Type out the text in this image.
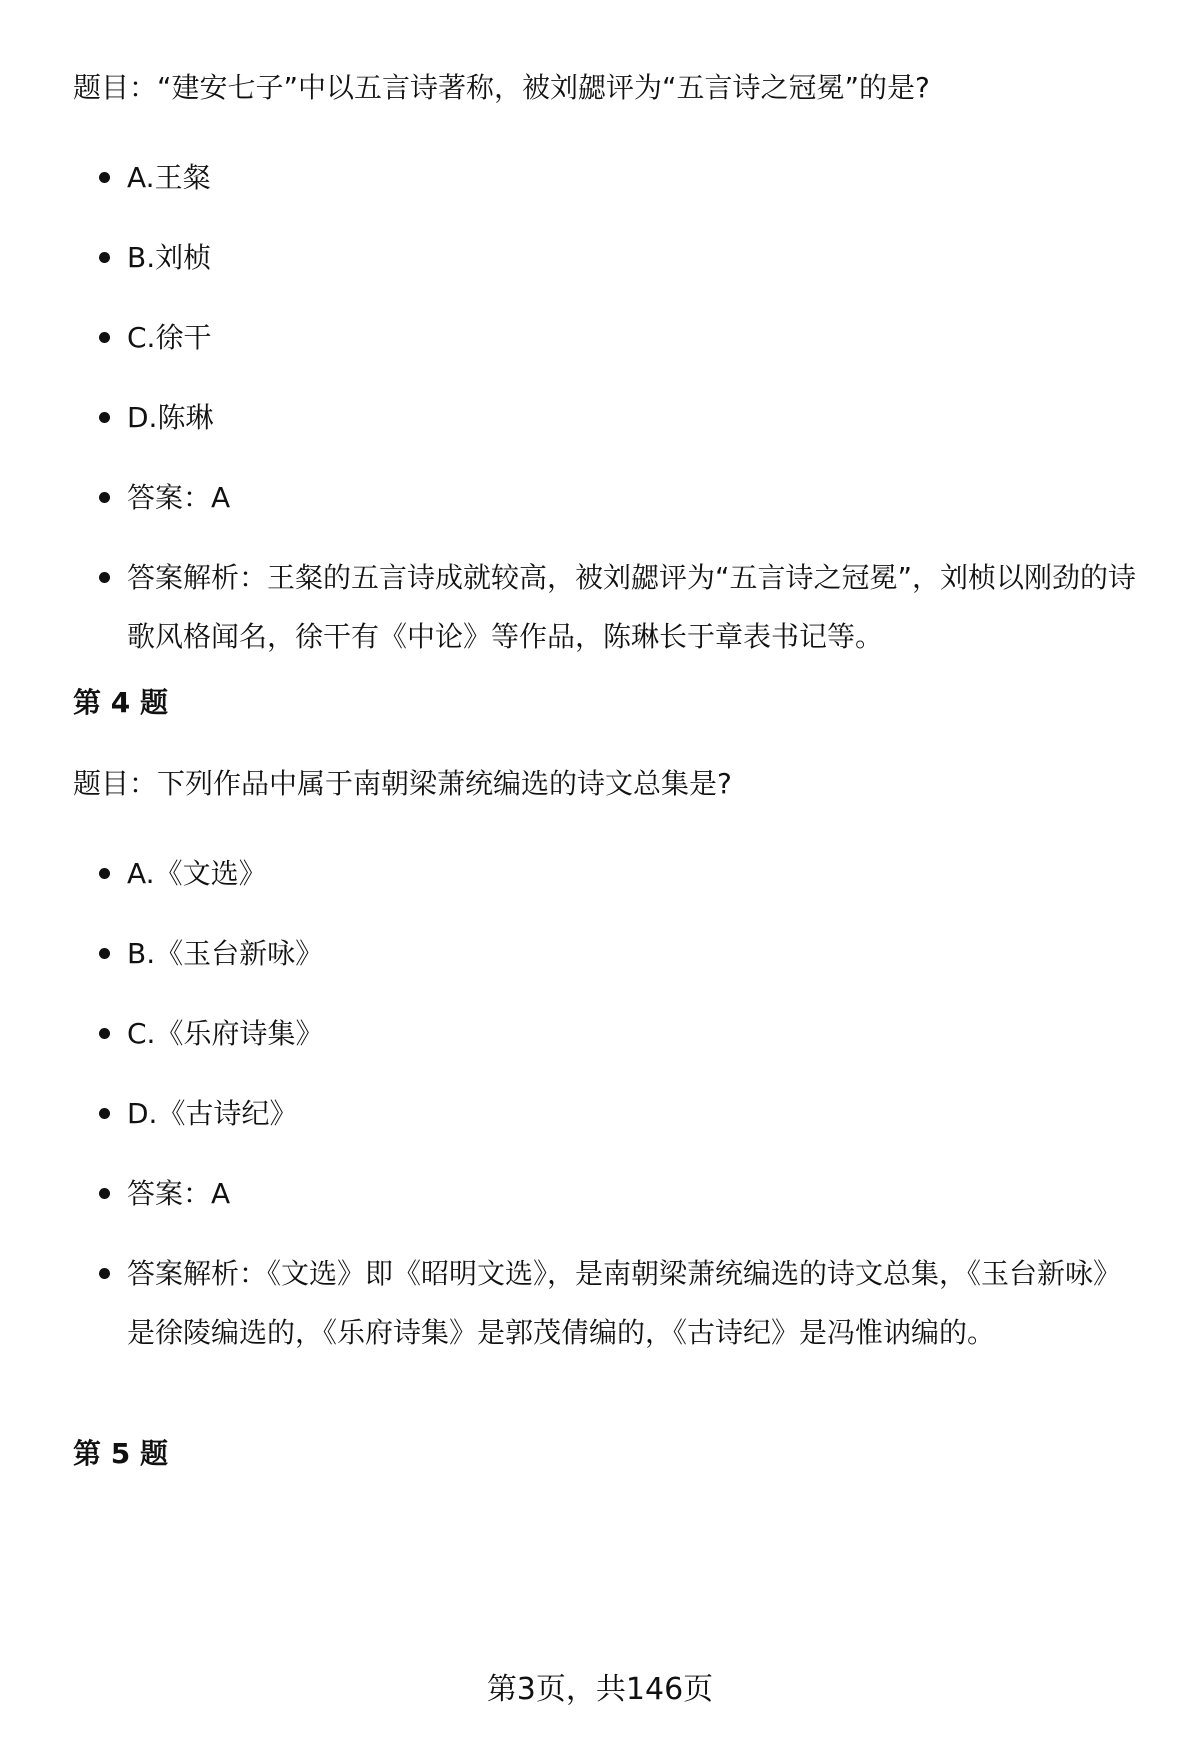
题目：“建安七子”中以五言诗著称，被刘勰评为“五言诗之冠冕”的是?
A.王粲
B.刘桢
C.徐干
D.陈琳
答案：A
答案解析：王粲的五言诗成就较高，被刘勰评为“五言诗之冠冕”，刘桢以刚劲的诗歌风格闻名，徐干有《中论》等作品，陈琳长于章表书记等。
第 4 题
题目：下列作品中属于南朝梁萧统编选的诗文总集是?
A.《文选》
B.《玉台新咏》
C.《乐府诗集》
D.《古诗纪》
答案：A
答案解析：《文选》即《昭明文选》，是南朝梁萧统编选的诗文总集，《玉台新咏》是徐陵编选的，《乐府诗集》是郭茂倩编的，《古诗纪》是冯惟讷编的。
第 5 题
第3页，共146页
